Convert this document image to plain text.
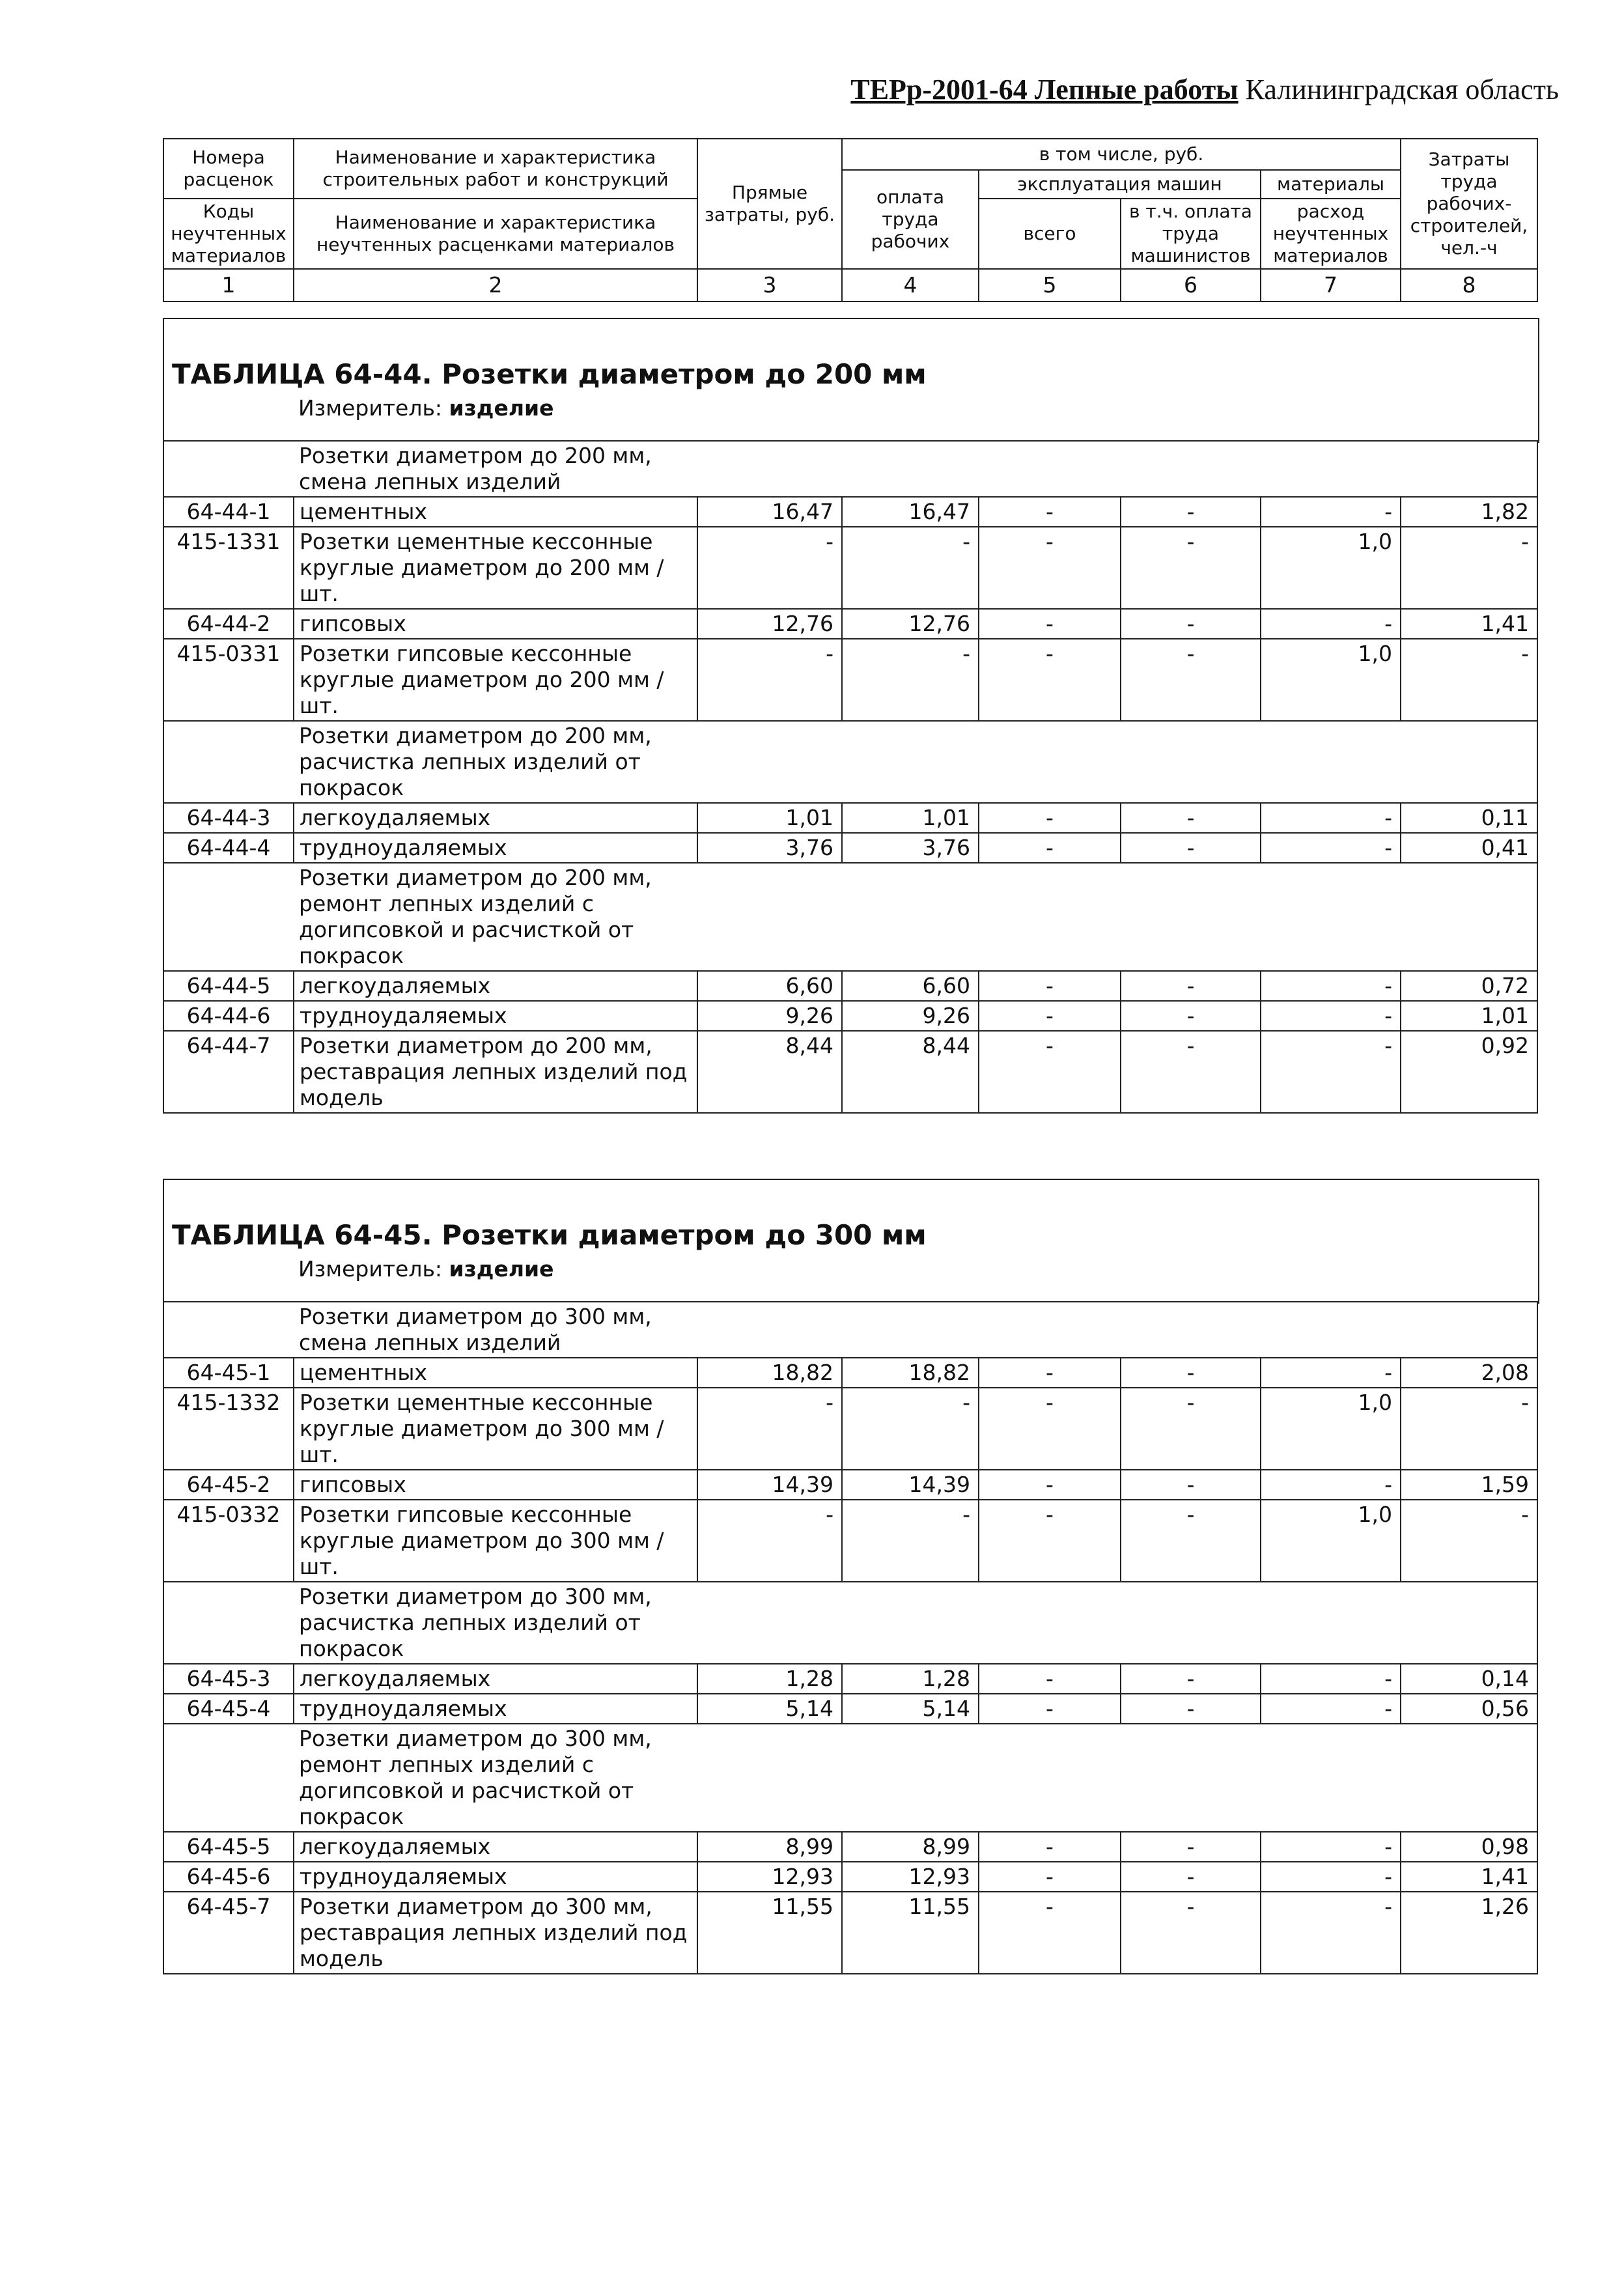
ТЕРр-2001-64 Лепные работы Калининградская область
Номера расценок	Наименование и характеристика строительных работ и конструкций	Прямые затраты, руб.	в том числе, руб.				Затраты труда рабочих-строителей, чел.-ч
			оплата труда рабочих	эксплуатация машин		материалы	
Коды неучтенных материалов	Наименование и характеристика неучтенных расценками материалов			всего	в т.ч. оплата труда машинистов	расход неучтенных материалов	

1	2	3	4	5	6	7	8
ТАБЛИЦА 64-44. Розетки диаметром до 200 мм
Измеритель: изделие

	Розетки диаметром до 200 мм, смена лепных изделий						

64-44-1	цементных	16,47	16,47	-	-	-	1,82
415-1331	Розетки цементные кессонные круглые диаметром до 200 мм / шт.	-	-	-	-	1,0	-
64-44-2	гипсовых	12,76	12,76	-	-	-	1,41
415-0331	Розетки гипсовые кессонные круглые диаметром до 200 мм / шт.	-	-	-	-	1,0	-

	Розетки диаметром до 200 мм, расчистка лепных изделий от покрасок						

64-44-3	легкоудаляемых	1,01	1,01	-	-	-	0,11
64-44-4	трудноудаляемых	3,76	3,76	-	-	-	0,41

	Розетки диаметром до 200 мм, ремонт лепных изделий с догипсовкой и расчисткой от покрасок						

64-44-5	легкоудаляемых	6,60	6,60	-	-	-	0,72
64-44-6	трудноудаляемых	9,26	9,26	-	-	-	1,01
64-44-7	Розетки диаметром до 200 мм, реставрация лепных изделий под модель	8,44	8,44	-	-	-	0,92
ТАБЛИЦА 64-45. Розетки диаметром до 300 мм
Измеритель: изделие

	Розетки диаметром до 300 мм, смена лепных изделий						

64-45-1	цементных	18,82	18,82	-	-	-	2,08
415-1332	Розетки цементные кессонные круглые диаметром до 300 мм / шт.	-	-	-	-	1,0	-
64-45-2	гипсовых	14,39	14,39	-	-	-	1,59
415-0332	Розетки гипсовые кессонные круглые диаметром до 300 мм / шт.	-	-	-	-	1,0	-

	Розетки диаметром до 300 мм, расчистка лепных изделий от покрасок						

64-45-3	легкоудаляемых	1,28	1,28	-	-	-	0,14
64-45-4	трудноудаляемых	5,14	5,14	-	-	-	0,56

	Розетки диаметром до 300 мм, ремонт лепных изделий с догипсовкой и расчисткой от покрасок						

64-45-5	легкоудаляемых	8,99	8,99	-	-	-	0,98
64-45-6	трудноудаляемых	12,93	12,93	-	-	-	1,41
64-45-7	Розетки диаметром до 300 мм, реставрация лепных изделий под модель	11,55	11,55	-	-	-	1,26
